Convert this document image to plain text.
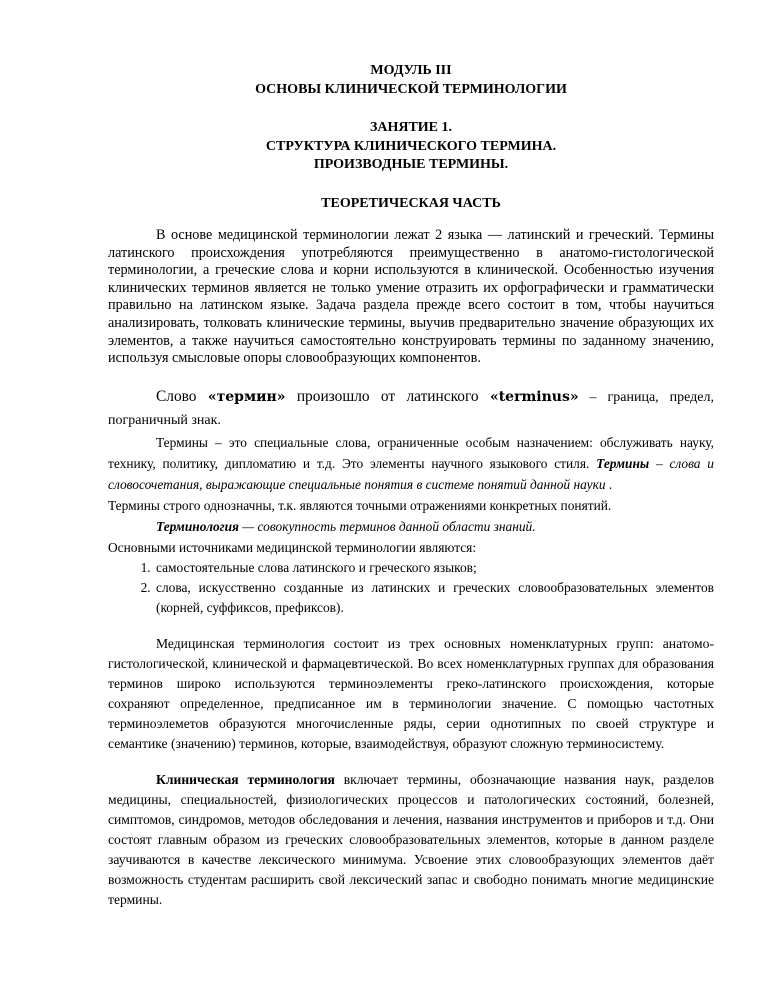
МОДУЛЬ III

ОСНОВЫ КЛИНИЧЕСКОЙ ТЕРМИНОЛОГИИ

ЗАНЯТИЕ 1.

СТРУКТУРА КЛИНИЧЕСКОГО ТЕРМИНА.

ПРОИЗВОДНЫЕ ТЕРМИНЫ.

ТЕОРЕТИЧЕСКАЯ ЧАСТЬ

В основе медицинской терминологии лежат 2 языка — латинский и греческий. Термины латинского происхождения употребляются преимущественно в анатомо-гистологической терминологии, а греческие слова и корни используются в клинической. Особенностью изучения клинических терминов является не только умение отразить их орфографически и грамматически правильно на латинском языке. Задача раздела прежде всего состоит в том, чтобы научиться анализировать, толковать клинические термины, выучив предварительно значение образующих их элементов, а также научиться самостоятельно конструировать термины по заданному значению, используя смысловые опоры словообразующих компонентов.

Слово «термин» произошло от латинского «terminus» – граница, предел, пограничный знак.

Термины – это специальные слова, ограниченные особым назначением: обслуживать науку, технику, политику, дипломатию и т.д. Это элементы научного языкового стиля. Термины – слова и словосочетания, выражающие специальные понятия в системе понятий данной науки .

Термины строго однозначны, т.к. являются точными отражениями конкретных понятий.

Терминология — совокупность терминов данной области знаний.

Основными источниками медицинской терминологии являются:

1. самостоятельные слова латинского и греческого языков;
2. слова, искусственно созданные из латинских и греческих словообразовательных элементов (корней, суффиксов, префиксов).

Медицинская терминология состоит из трех основных номенклатурных групп: анатомо-гистологической, клинической и фармацевтической. Во всех номенклатурных группах для образования терминов широко используются терминоэлементы греко-латинского происхождения, которые сохраняют определенное, предписанное им в терминологии значение. С помощью частотных терминоэлеметов образуются многочисленные ряды, серии однотипных по своей структуре и семантике (значению) терминов, которые, взаимодействуя, образуют сложную терминосистему.

Клиническая терминология включает термины, обозначающие названия наук, разделов медицины, специальностей, физиологических процессов и патологических состояний, болезней, симптомов, синдромов, методов обследования и лечения, названия инструментов и приборов и т.д. Они состоят главным образом из греческих словообразовательных элементов, которые в данном разделе заучиваются в качестве лексического минимума. Усвоение этих словообразующих элементов даёт возможность студентам расширить свой лексический запас и свободно понимать многие медицинские термины.
